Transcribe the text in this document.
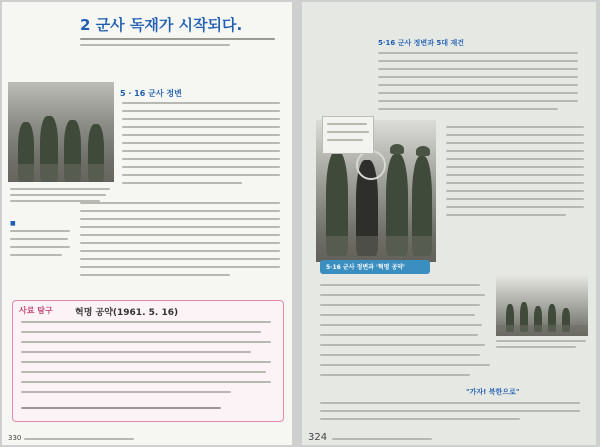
2 군사 독재가 시작되다.
■
5 · 16 군사 정변
사료 탐구 혁명 공약(1961. 5. 16)
330
5·16 군사 정변과 5대 재건
5·16 군사 정변과 '혁명 공약'
"가자! 북한으로"
324
